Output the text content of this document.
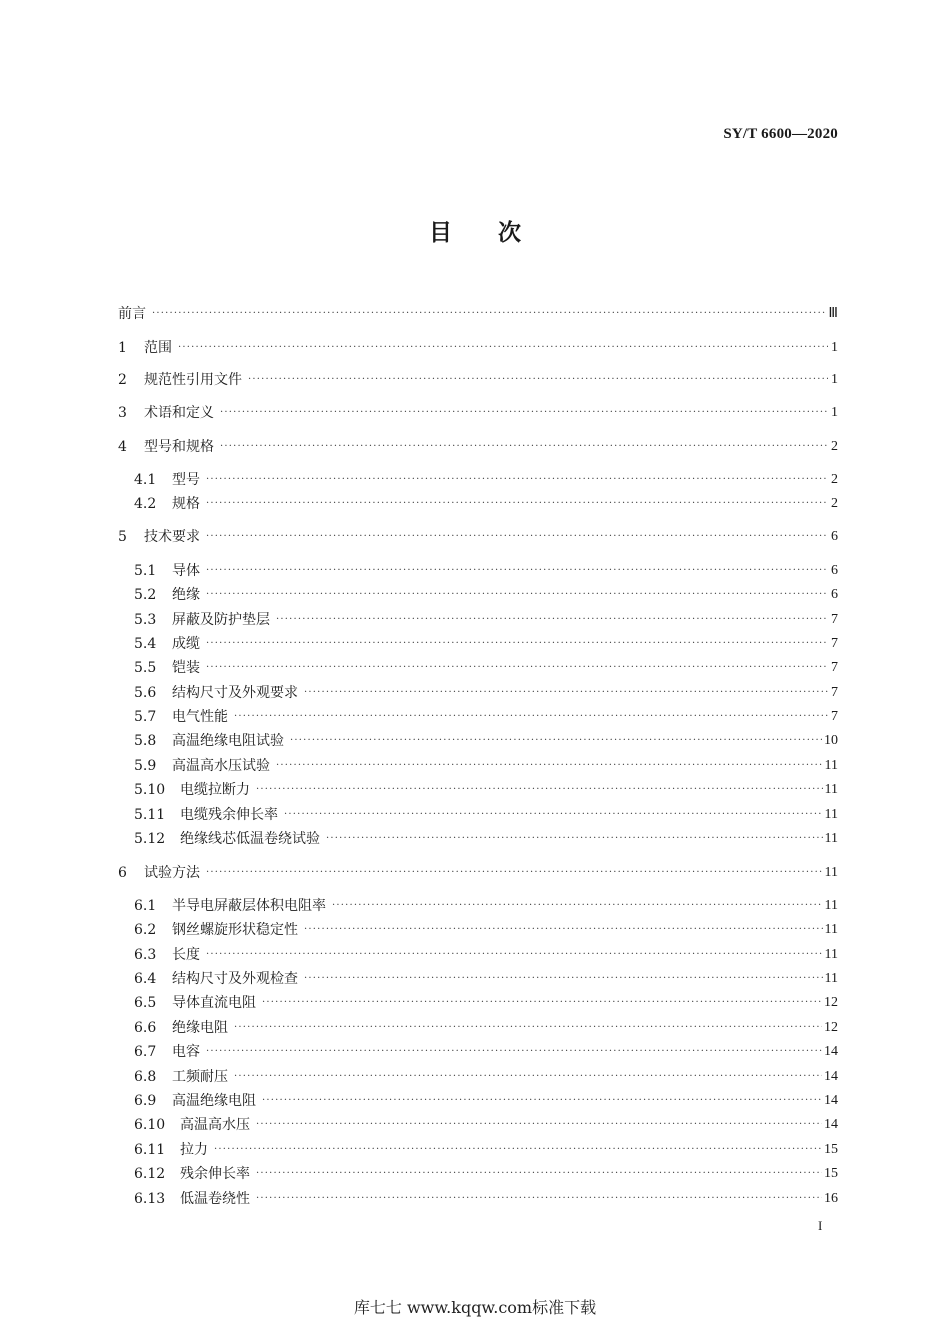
SY/T 6600—2020
目次
前言 ·····	Ⅲ
1	范围 ·····	1
2	规范性引用文件 ·····	1
3	术语和定义 ·····	1
4	型号和规格 ·····	2
4.1	型号 ·····	2
4.2	规格 ·····	2
5	技术要求 ·····	6
5.1	导体 ·····	6
5.2	绝缘 ·····	6
5.3	屏蔽及防护垫层 ·····	7
5.4	成缆 ·····	7
5.5	铠装 ·····	7
5.6	结构尺寸及外观要求 ·····	7
5.7	电气性能 ·····	7
5.8	高温绝缘电阻试验 ·····	10
5.9	高温高水压试验 ·····	11
5.10	电缆拉断力 ·····	11
5.11	电缆残余伸长率 ·····	11
5.12	绝缘线芯低温卷绕试验 ·····	11
6	试验方法 ·····	11
6.1	半导电屏蔽层体积电阻率 ·····	11
6.2	钢丝螺旋形状稳定性 ·····	11
6.3	长度 ·····	11
6.4	结构尺寸及外观检查 ·····	11
6.5	导体直流电阻 ·····	12
6.6	绝缘电阻 ·····	12
6.7	电容 ·····	14
6.8	工频耐压 ·····	14
6.9	高温绝缘电阻 ·····	14
6.10	高温高水压 ·····	14
6.11	拉力 ·····	15
6.12	残余伸长率 ·····	15
6.13	低温卷绕性 ·····	16
I
库七七 www.kqqw.com标准下载
